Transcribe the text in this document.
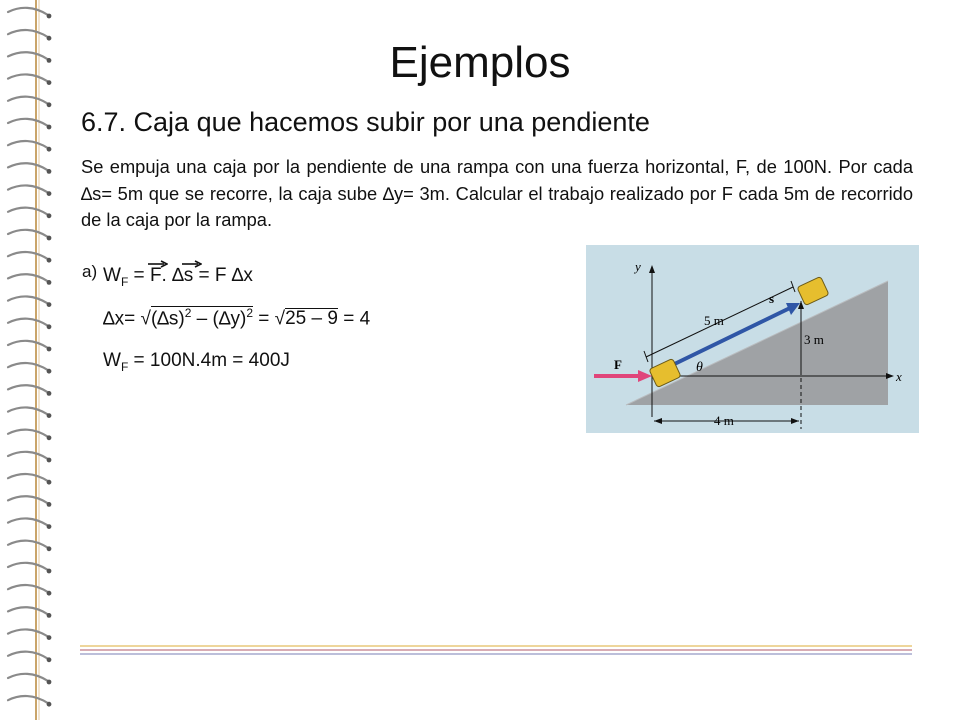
Ejemplos
6.7. Caja que hacemos subir por una pendiente
Se empuja una caja por la pendiente de una rampa con una fuerza horizontal, F, de 100N. Por cada ∆s= 5m que se recorre, la caja sube ∆y= 3m. Calcular el trabajo realizado por F cada 5m de recorrido de la caja por la rampa.
a) $W_F$ =
F. ∆
s = F ∆x
$\Delta x= √(\Delta s)^2 - (\Delta y)^2 = √25 - 9 = 4$
$W_F = 100N.4m = 400J$
y
x
5 m
3 m
4 m
s
θ
F
